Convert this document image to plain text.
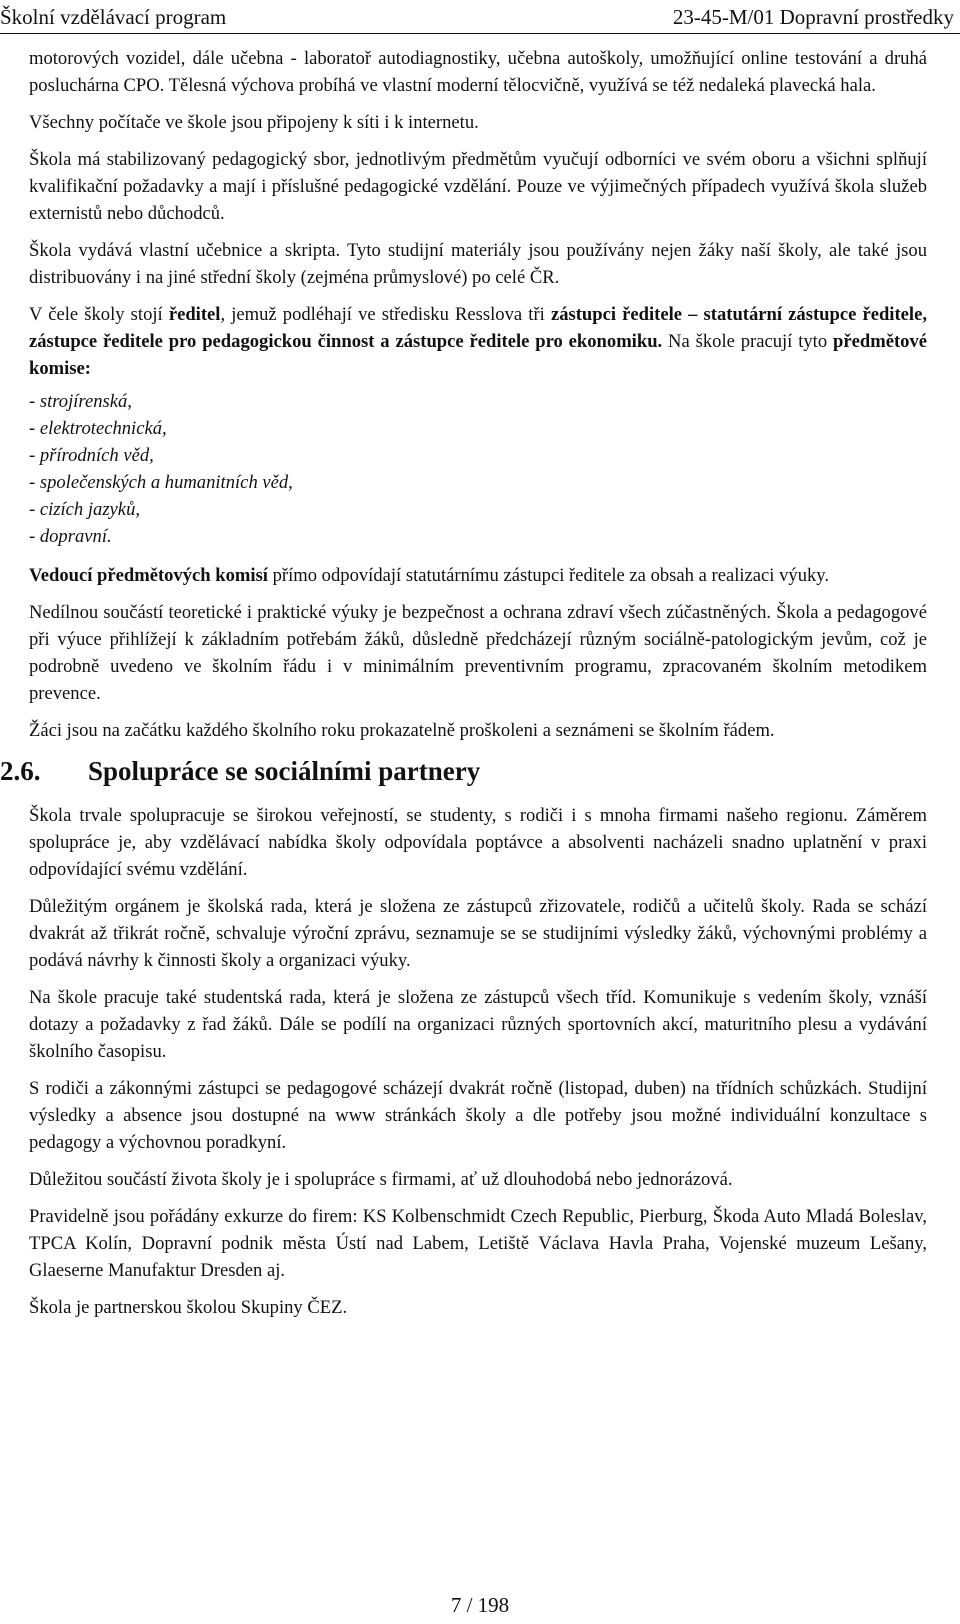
Školní vzdělávací program	23-45-M/01 Dopravní prostředky

motorových vozidel, dále učebna - laboratoř autodiagnostiky, učebna autoškoly, umožňující online testování a druhá posluchárna CPO. Tělesná výchova probíhá ve vlastní moderní tělocvičně, využívá se též nedaleká plavecká hala.

Všechny počítače ve škole jsou připojeny k síti i k internetu.

Škola má stabilizovaný pedagogický sbor, jednotlivým předmětům vyučují odborníci ve svém oboru a všichni splňují kvalifikační požadavky a mají i příslušné pedagogické vzdělání. Pouze ve výjimečných případech využívá škola služeb externistů nebo důchodců.

Škola vydává vlastní učebnice a skripta. Tyto studijní materiály jsou používány nejen žáky naší školy, ale také jsou distribuovány i na jiné střední školy (zejména průmyslové) po celé ČR.

V čele školy stojí ředitel, jemuž podléhají ve středisku Resslova tři zástupci ředitele – statutární zástupce ředitele, zástupce ředitele pro pedagogickou činnost a zástupce ředitele pro ekonomiku. Na škole pracují tyto předmětové komise:

- strojírenská,
- elektrotechnická,
- přírodních věd,
- společenských a humanitních věd,
- cizích jazyků,
- dopravní.

Vedoucí předmětových komisí přímo odpovídají statutárnímu zástupci ředitele za obsah a realizaci výuky.

Nedílnou součástí teoretické i praktické výuky je bezpečnost a ochrana zdraví všech zúčastněných. Škola a pedagogové při výuce přihlížejí k základním potřebám žáků, důsledně předcházejí různým sociálně-patologickým jevům, což je podrobně uvedeno ve školním řádu i v minimálním preventivním programu, zpracovaném školním metodikem prevence.

Žáci jsou na začátku každého školního roku prokazatelně proškoleni a seznámeni se školním řádem.

2.6. Spolupráce se sociálními partnery

Škola trvale spolupracuje se širokou veřejností, se studenty, s rodiči i s mnoha firmami našeho regionu. Záměrem spolupráce je, aby vzdělávací nabídka školy odpovídala poptávce a absolventi nacházeli snadno uplatnění v praxi odpovídající svému vzdělání.

Důležitým orgánem je školská rada, která je složena ze zástupců zřizovatele, rodičů a učitelů školy. Rada se schází dvakrát až třikrát ročně, schvaluje výroční zprávu, seznamuje se se studijními výsledky žáků, výchovnými problémy a podává návrhy k činnosti školy a organizaci výuky.

Na škole pracuje také studentská rada, která je složena ze zástupců všech tříd. Komunikuje s vedením školy, vznáší dotazy a požadavky z řad žáků. Dále se podílí na organizaci různých sportovních akcí, maturitního plesu a vydávání školního časopisu.

S rodiči a zákonnými zástupci se pedagogové scházejí dvakrát ročně (listopad, duben) na třídních schůzkách. Studijní výsledky a absence jsou dostupné na www stránkách školy a dle potřeby jsou možné individuální konzultace s pedagogy a výchovnou poradkyní.

Důležitou součástí života školy je i spolupráce s firmami, ať už dlouhodobá nebo jednorázová.

Pravidelně jsou pořádány exkurze do firem: KS Kolbenschmidt Czech Republic, Pierburg, Škoda Auto Mladá Boleslav, TPCA Kolín, Dopravní podnik města Ústí nad Labem, Letiště Václava Havla Praha, Vojenské muzeum Lešany, Glaeserne Manufaktur Dresden aj.

Škola je partnerskou školou Skupiny ČEZ.

7 / 198
